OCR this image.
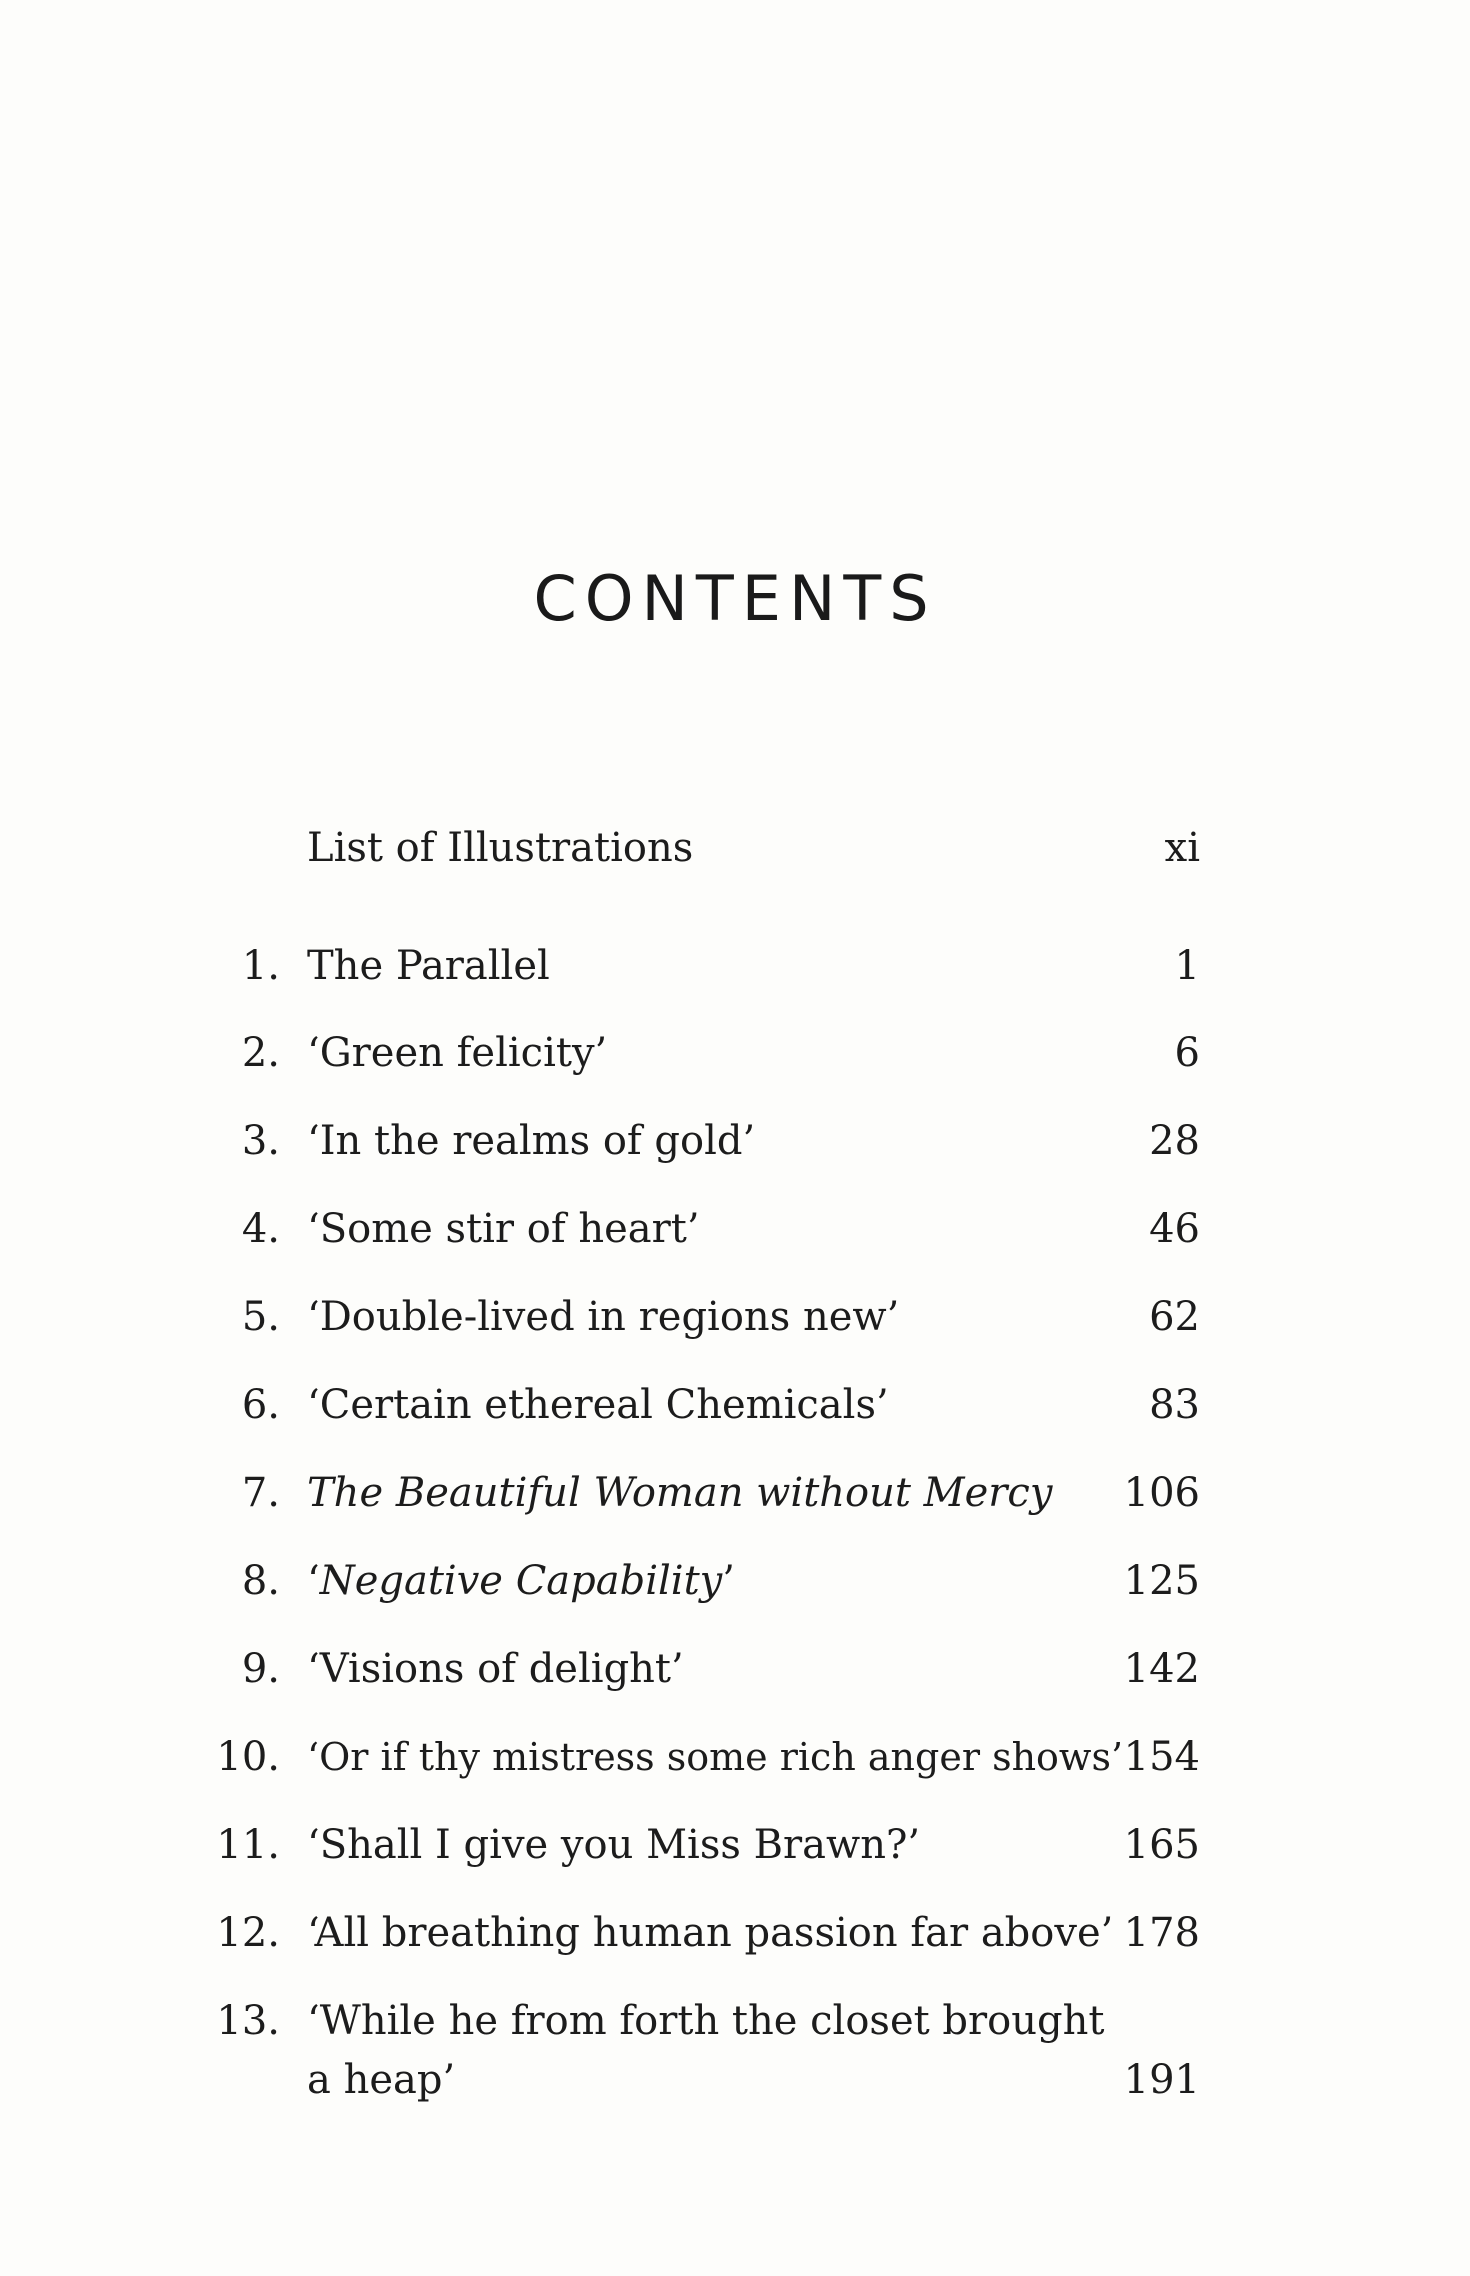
CONTENTS
List of Illustrations	xi
1. The Parallel	1
2. ‘Green felicity’	6
3. ‘In the realms of gold’	28
4. ‘Some stir of heart’	46
5. ‘Double-lived in regions new’	62
6. ‘Certain ethereal Chemicals’	83
7. The Beautiful Woman without Mercy 106
8. ‘Negative Capability’	125
9. ‘Visions of delight’	142
10. ‘Or if thy mistress some rich anger shows’ 154
11. ‘Shall I give you Miss Brawn?’	165
12. ‘All breathing human passion far above’ 178
13. ‘While he from forth the closet brought
a heap’	191
